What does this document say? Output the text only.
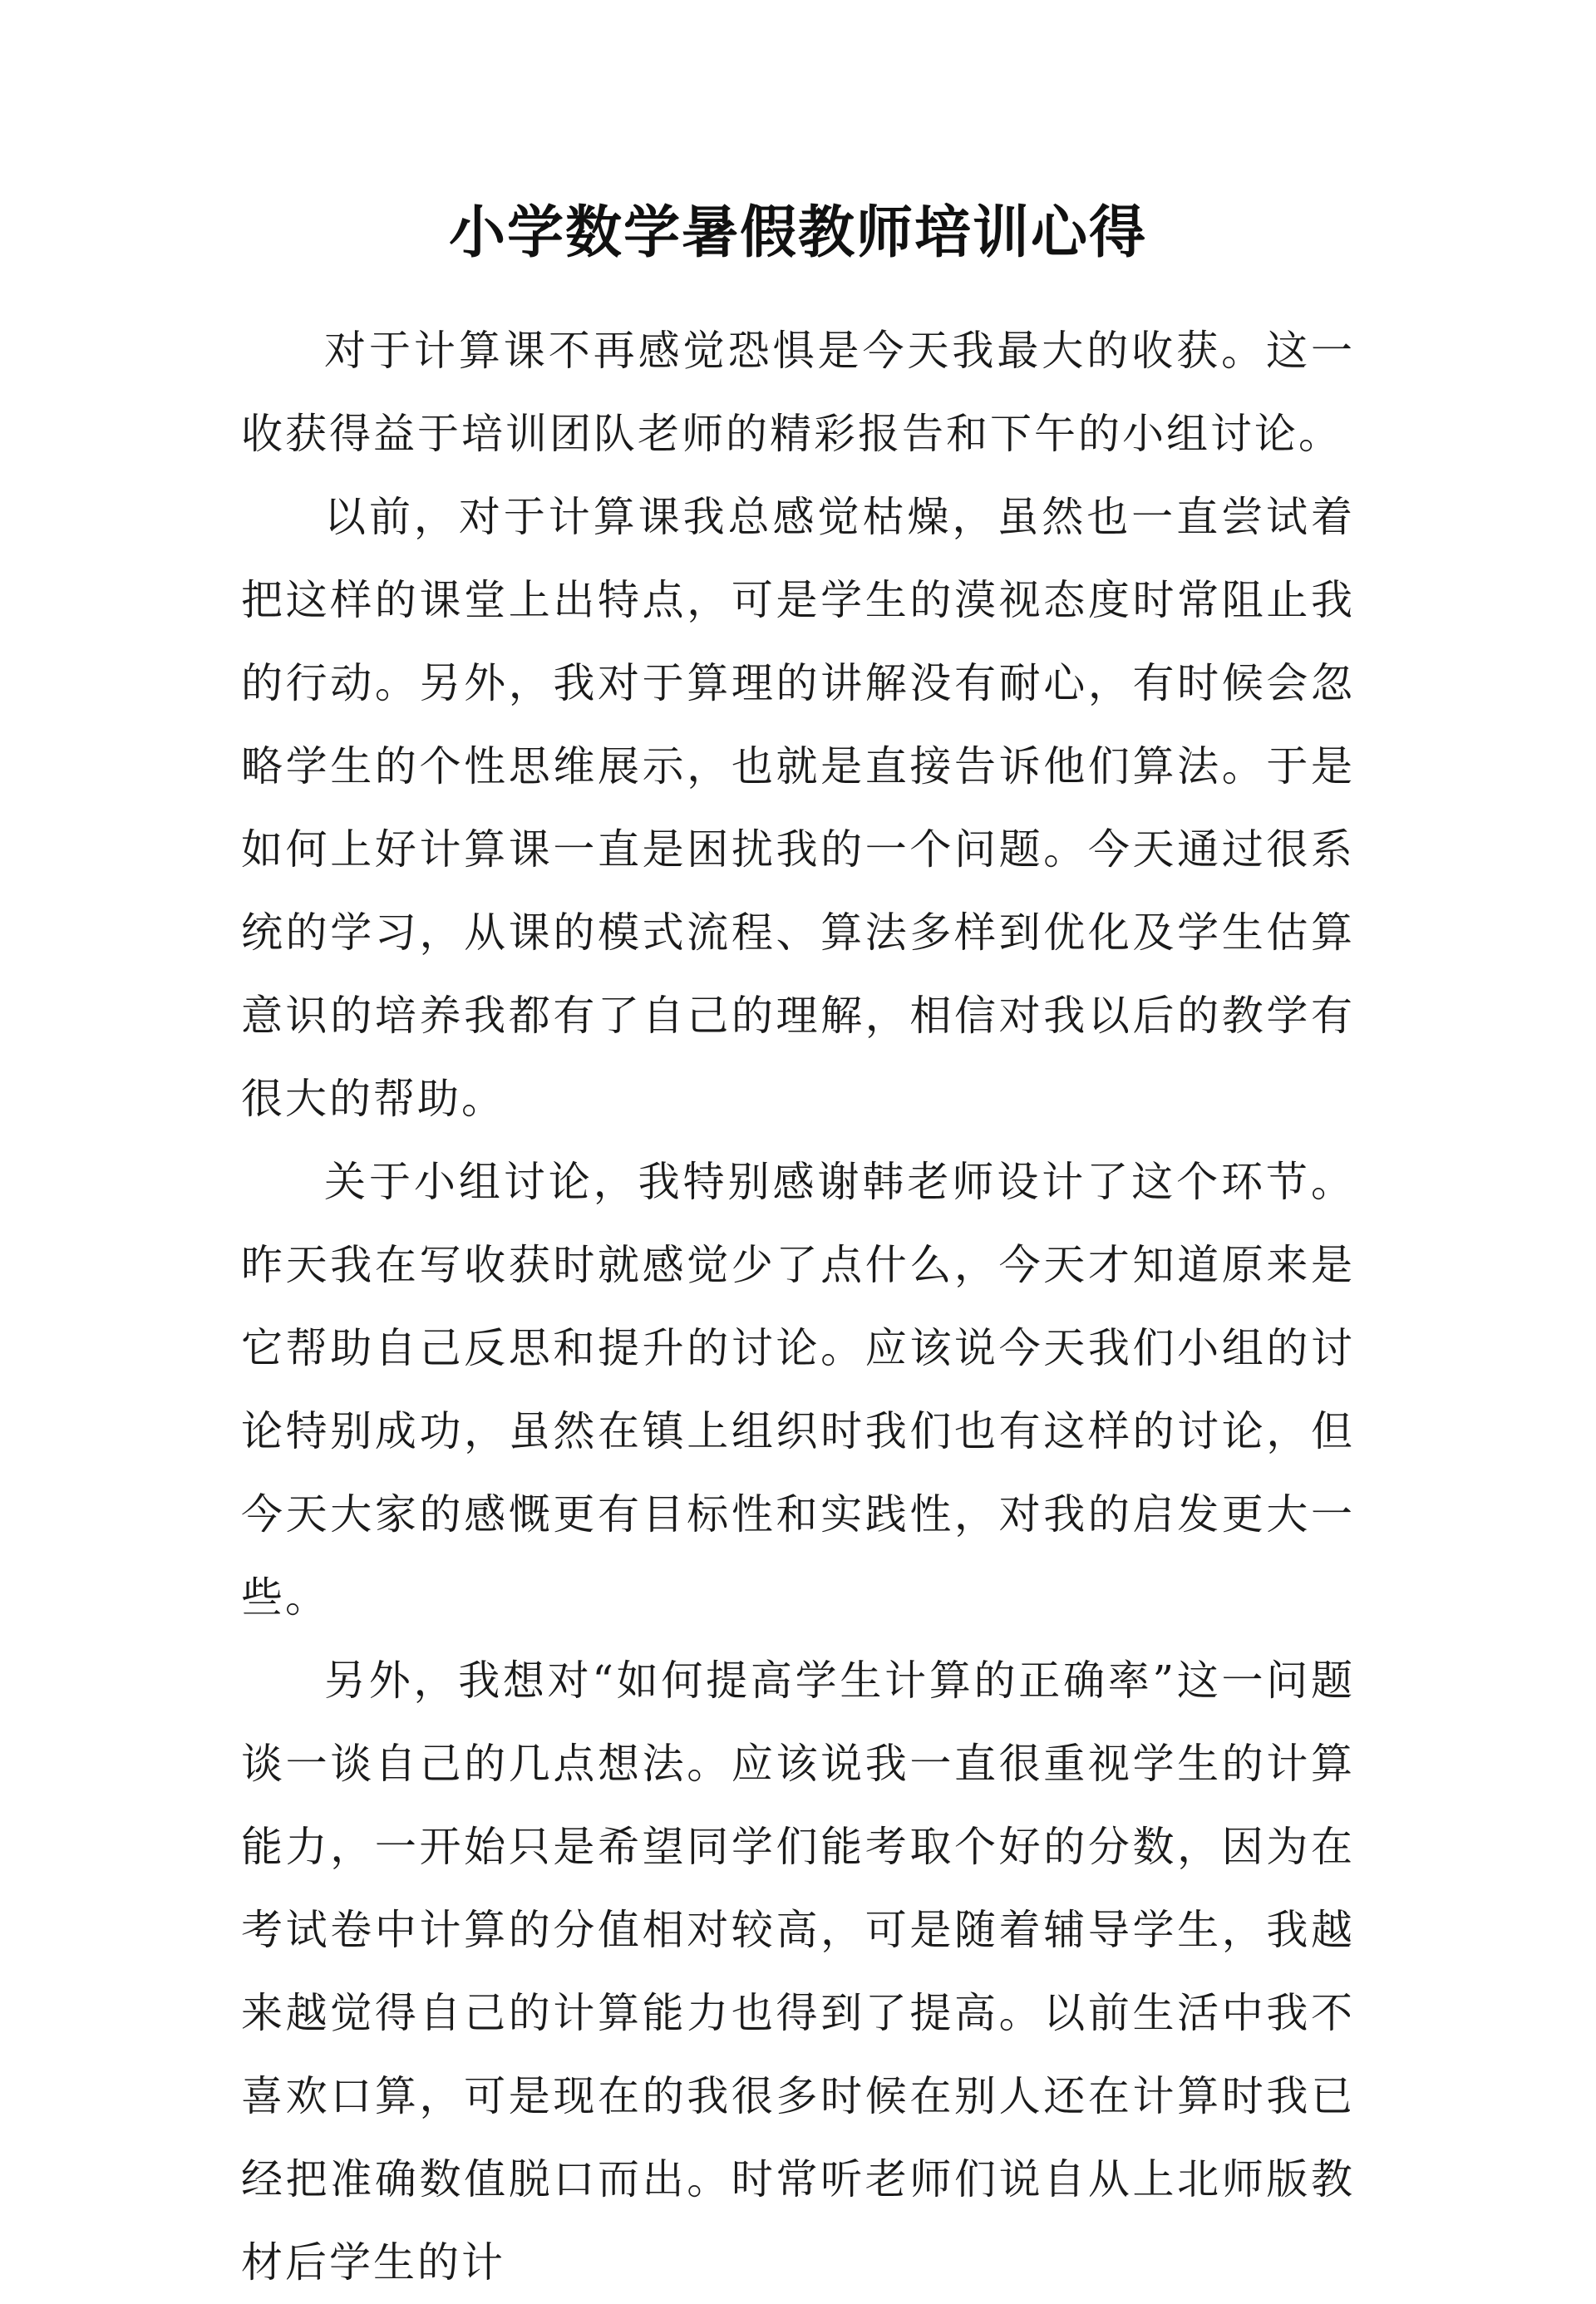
小学数学暑假教师培训心得

对于计算课不再感觉恐惧是今天我最大的收获。这一收获得益于培训团队老师的精彩报告和下午的小组讨论。

以前，对于计算课我总感觉枯燥，虽然也一直尝试着把这样的课堂上出特点，可是学生的漠视态度时常阻止我的行动。另外，我对于算理的讲解没有耐心，有时候会忽略学生的个性思维展示，也就是直接告诉他们算法。于是如何上好计算课一直是困扰我的一个问题。今天通过很系统的学习，从课的模式流程、算法多样到优化及学生估算意识的培养我都有了自己的理解，相信对我以后的教学有很大的帮助。

关于小组讨论，我特别感谢韩老师设计了这个环节。昨天我在写收获时就感觉少了点什么，今天才知道原来是它帮助自己反思和提升的讨论。应该说今天我们小组的讨论特别成功，虽然在镇上组织时我们也有这样的讨论，但今天大家的感慨更有目标性和实践性，对我的启发更大一些。

另外，我想对“如何提高学生计算的正确率”这一问题谈一谈自己的几点想法。应该说我一直很重视学生的计算能力，一开始只是希望同学们能考取个好的分数，因为在考试卷中计算的分值相对较高，可是随着辅导学生，我越来越觉得自己的计算能力也得到了提高。以前生活中我不喜欢口算，可是现在的我很多时候在别人还在计算时我已经把准确数值脱口而出。时常听老师们说自从上北师版教材后学生的计
